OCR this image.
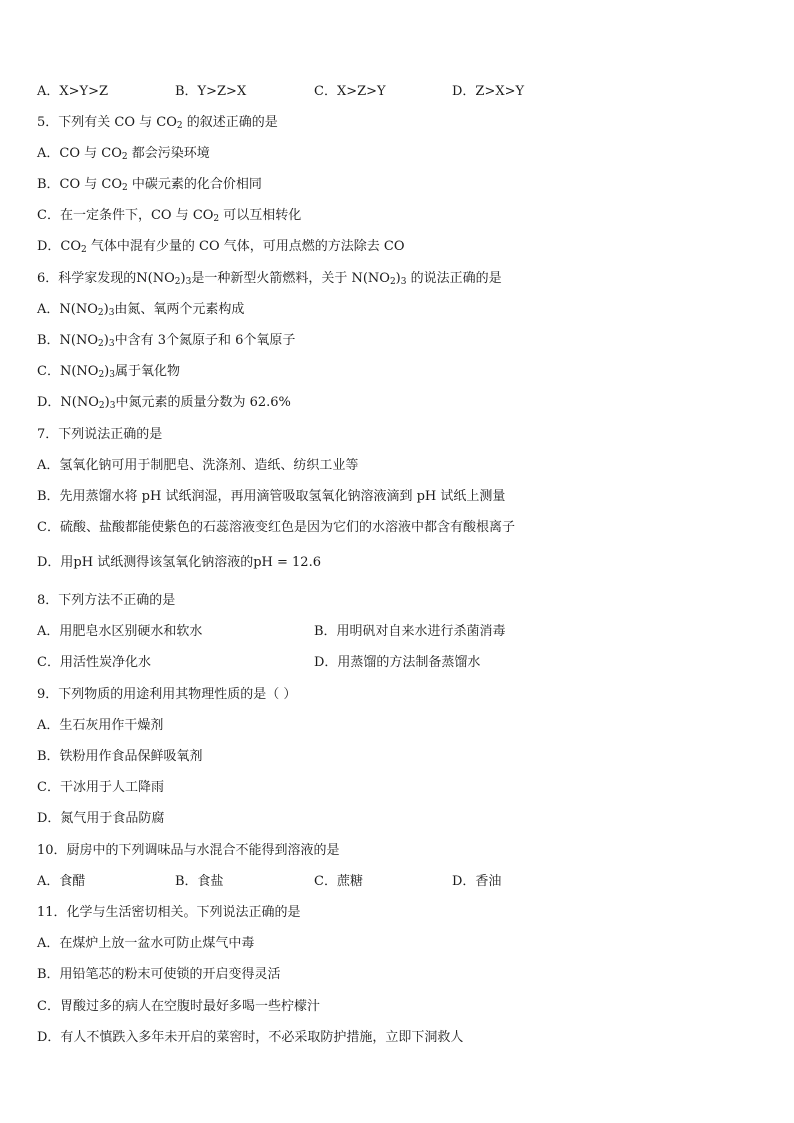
A．X>Y>Z	B．Y>Z>X	C．X>Z>Y	D．Z>X>Y
5．下列有关 CO 与 $CO_2$ 的叙述正确的是
A．CO 与 $CO_2$ 都会污染环境
B．CO 与 $CO_2$ 中碳元素的化合价相同
C．在一定条件下，CO 与 $CO_2$ 可以互相转化
D．$CO_2$ 气体中混有少量的 CO 气体，可用点燃的方法除去 CO
6．科学家发现的$N(NO_2)_3$是一种新型火箭燃料，关于 $N(NO_2)_3$ 的说法正确的是
A．$N(NO_2)_3$由氮、氧两个元素构成
B．$N(NO_2)_3$中含有 3个氮原子和 6个氧原子
C．$N(NO_2)_3$属于氧化物
D．$N(NO_2)_3$中氮元素的质量分数为 62.6%
7．下列说法正确的是
A．氢氧化钠可用于制肥皂、洗涤剂、造纸、纺织工业等
B．先用蒸馏水将 pH 试纸润湿，再用滴管吸取氢氧化钠溶液滴到 pH 试纸上测量
C．硫酸、盐酸都能使紫色的石蕊溶液变红色是因为它们的水溶液中都含有酸根离子
D．用pH 试纸测得该氢氧化钠溶液的pH = 12.6
8．下列方法不正确的是
A．用肥皂水区别硬水和软水	B．用明矾对自来水进行杀菌消毒
C．用活性炭净化水	D．用蒸馏的方法制备蒸馏水
9．下列物质的用途利用其物理性质的是（ ）
A．生石灰用作干燥剂
B．铁粉用作食品保鲜吸氧剂
C．干冰用于人工降雨
D．氮气用于食品防腐
10．厨房中的下列调味品与水混合不能得到溶液的是
A．食醋	B．食盐	C．蔗糖	D．香油
11．化学与生活密切相关。下列说法正确的是
A．在煤炉上放一盆水可防止煤气中毒
B．用铅笔芯的粉末可使锁的开启变得灵活
C．胃酸过多的病人在空腹时最好多喝一些柠檬汁
D．有人不慎跌入多年未开启的菜窖时，不必采取防护措施，立即下洞救人
